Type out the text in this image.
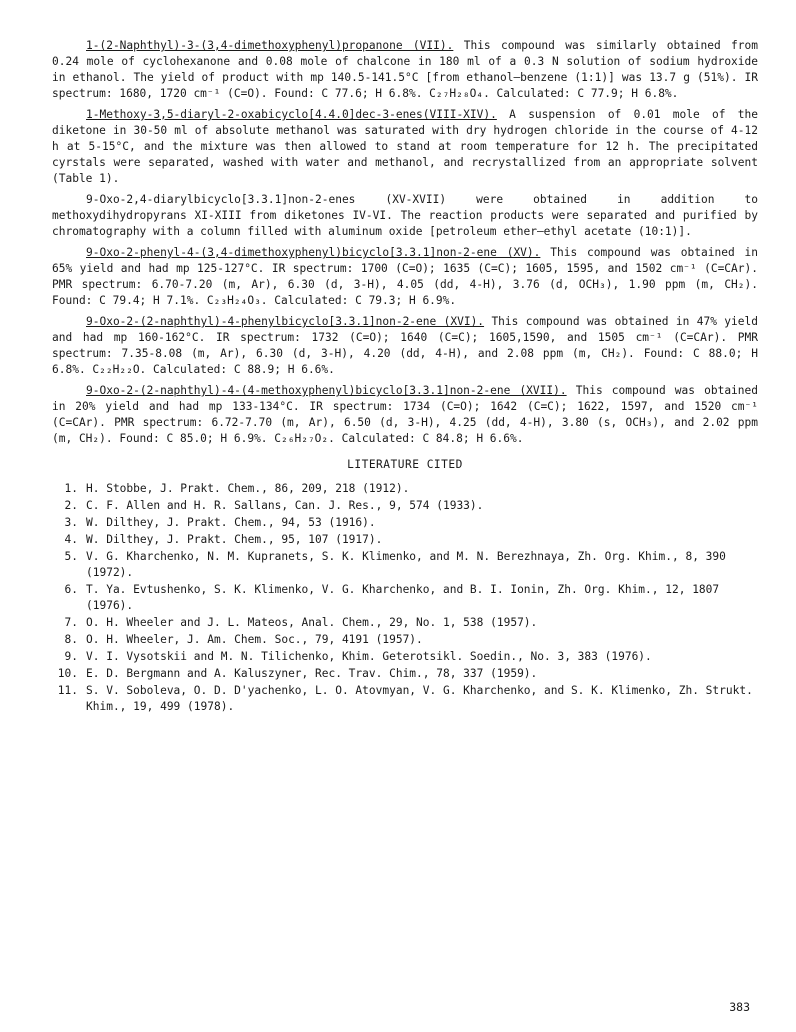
1-(2-Naphthyl)-3-(3,4-dimethoxyphenyl)propanone (VII). This compound was similarly obtained from 0.24 mole of cyclohexanone and 0.08 mole of chalcone in 180 ml of a 0.3 N solution of sodium hydroxide in ethanol. The yield of product with mp 140.5-141.5°C [from ethanol–benzene (1:1)] was 13.7 g (51%). IR spectrum: 1680, 1720 cm⁻¹ (C=O). Found: C 77.6; H 6.8%. C₂₇H₂₈O₄. Calculated: C 77.9; H 6.8%.

1-Methoxy-3,5-diaryl-2-oxabicyclo[4.4.0]dec-3-enes(VIII-XIV). A suspension of 0.01 mole of the diketone in 30-50 ml of absolute methanol was saturated with dry hydrogen chloride in the course of 4-12 h at 5-15°C, and the mixture was then allowed to stand at room temperature for 12 h. The precipitated cyrstals were separated, washed with water and methanol, and recrystallized from an appropriate solvent (Table 1).

9-Oxo-2,4-diarylbicyclo[3.3.1]non-2-enes (XV-XVII) were obtained in addition to methoxydihydropyrans XI-XIII from diketones IV-VI. The reaction products were separated and purified by chromatography with a column filled with aluminum oxide [petroleum ether–ethyl acetate (10:1)].

9-Oxo-2-phenyl-4-(3,4-dimethoxyphenyl)bicyclo[3.3.1]non-2-ene (XV). This compound was obtained in 65% yield and had mp 125-127°C. IR spectrum: 1700 (C=O); 1635 (C=C); 1605, 1595, and 1502 cm⁻¹ (C=CAr). PMR spectrum: 6.70-7.20 (m, Ar), 6.30 (d, 3-H), 4.05 (dd, 4-H), 3.76 (d, OCH₃), 1.90 ppm (m, CH₂). Found: C 79.4; H 7.1%. C₂₃H₂₄O₃. Calculated: C 79.3; H 6.9%.

9-Oxo-2-(2-naphthyl)-4-phenylbicyclo[3.3.1]non-2-ene (XVI). This compound was obtained in 47% yield and had mp 160-162°C. IR spectrum: 1732 (C=O); 1640 (C=C); 1605,1590, and 1505 cm⁻¹ (C=CAr). PMR spectrum: 7.35-8.08 (m, Ar), 6.30 (d, 3-H), 4.20 (dd, 4-H), and 2.08 ppm (m, CH₂). Found: C 88.0; H 6.8%. C₂₂H₂₂O. Calculated: C 88.9; H 6.6%.

9-Oxo-2-(2-naphthyl)-4-(4-methoxyphenyl)bicyclo[3.3.1]non-2-ene (XVII). This compound was obtained in 20% yield and had mp 133-134°C. IR spectrum: 1734 (C=O); 1642 (C=C); 1622, 1597, and 1520 cm⁻¹ (C=CAr). PMR spectrum: 6.72-7.70 (m, Ar), 6.50 (d, 3-H), 4.25 (dd, 4-H), 3.80 (s, OCH₃), and 2.02 ppm (m, CH₂). Found: C 85.0; H 6.9%. C₂₆H₂₇O₂. Calculated: C 84.8; H 6.6%.

LITERATURE CITED
1. H. Stobbe, J. Prakt. Chem., 86, 209, 218 (1912).
2. C. F. Allen and H. R. Sallans, Can. J. Res., 9, 574 (1933).
3. W. Dilthey, J. Prakt. Chem., 94, 53 (1916).
4. W. Dilthey, J. Prakt. Chem., 95, 107 (1917).
5. V. G. Kharchenko, N. M. Kupranets, S. K. Klimenko, and M. N. Berezhnaya, Zh. Org. Khim., 8, 390 (1972).
6. T. Ya. Evtushenko, S. K. Klimenko, V. G. Kharchenko, and B. I. Ionin, Zh. Org. Khim., 12, 1807 (1976).
7. O. H. Wheeler and J. L. Mateos, Anal. Chem., 29, No. 1, 538 (1957).
8. O. H. Wheeler, J. Am. Chem. Soc., 79, 4191 (1957).
9. V. I. Vysotskii and M. N. Tilichenko, Khim. Geterotsikl. Soedin., No. 3, 383 (1976).
10. E. D. Bergmann and A. Kaluszyner, Rec. Trav. Chim., 78, 337 (1959).
11. S. V. Soboleva, O. D. D'yachenko, L. O. Atovmyan, V. G. Kharchenko, and S. K. Klimenko, Zh. Strukt. Khim., 19, 499 (1978).
383
